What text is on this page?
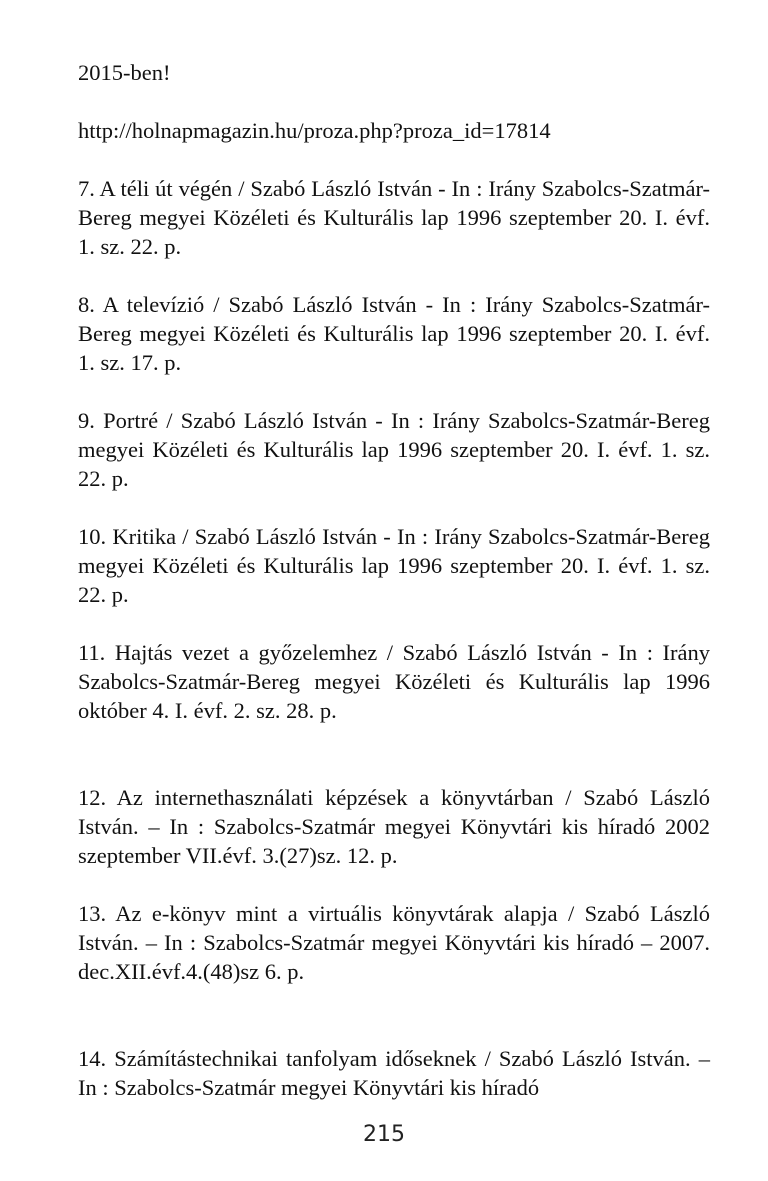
2015-ben!

http://holnapmagazin.hu/proza.php?proza_id=17814

7. A téli út végén / Szabó László István - In : Irány Szabolcs-Szatmár-Bereg megyei Közéleti és Kulturális lap 1996 szeptember 20. I. évf. 1. sz. 22. p.

8. A televízió / Szabó László István - In : Irány Szabolcs-Szatmár-Bereg megyei Közéleti és Kulturális lap 1996 szeptember 20. I. évf. 1. sz. 17. p.

9. Portré / Szabó László István - In : Irány Szabolcs-Szatmár-Bereg megyei Közéleti és Kulturális lap 1996 szeptember 20. I. évf. 1. sz. 22. p.

10. Kritika / Szabó László István - In : Irány Szabolcs-Szatmár-Bereg megyei Közéleti és Kulturális lap 1996 szeptember 20. I. évf. 1. sz. 22. p.

11. Hajtás vezet a győzelemhez / Szabó László István - In : Irány Szabolcs-Szatmár-Bereg megyei Közéleti és Kulturális lap 1996 október 4. I. évf. 2. sz. 28. p.

12. Az internethasználati képzések a könyvtárban / Szabó László István. – In : Szabolcs-Szatmár megyei Könyvtári kis híradó 2002 szeptember VII.évf. 3.(27)sz. 12. p.

13. Az e-könyv mint a virtuális könyvtárak alapja / Szabó László István. – In : Szabolcs-Szatmár megyei Könyvtári kis híradó – 2007. dec.XII.évf.4.(48)sz 6. p.

14. Számítástechnikai tanfolyam időseknek / Szabó László István. – In : Szabolcs-Szatmár megyei Könyvtári kis híradó

215
